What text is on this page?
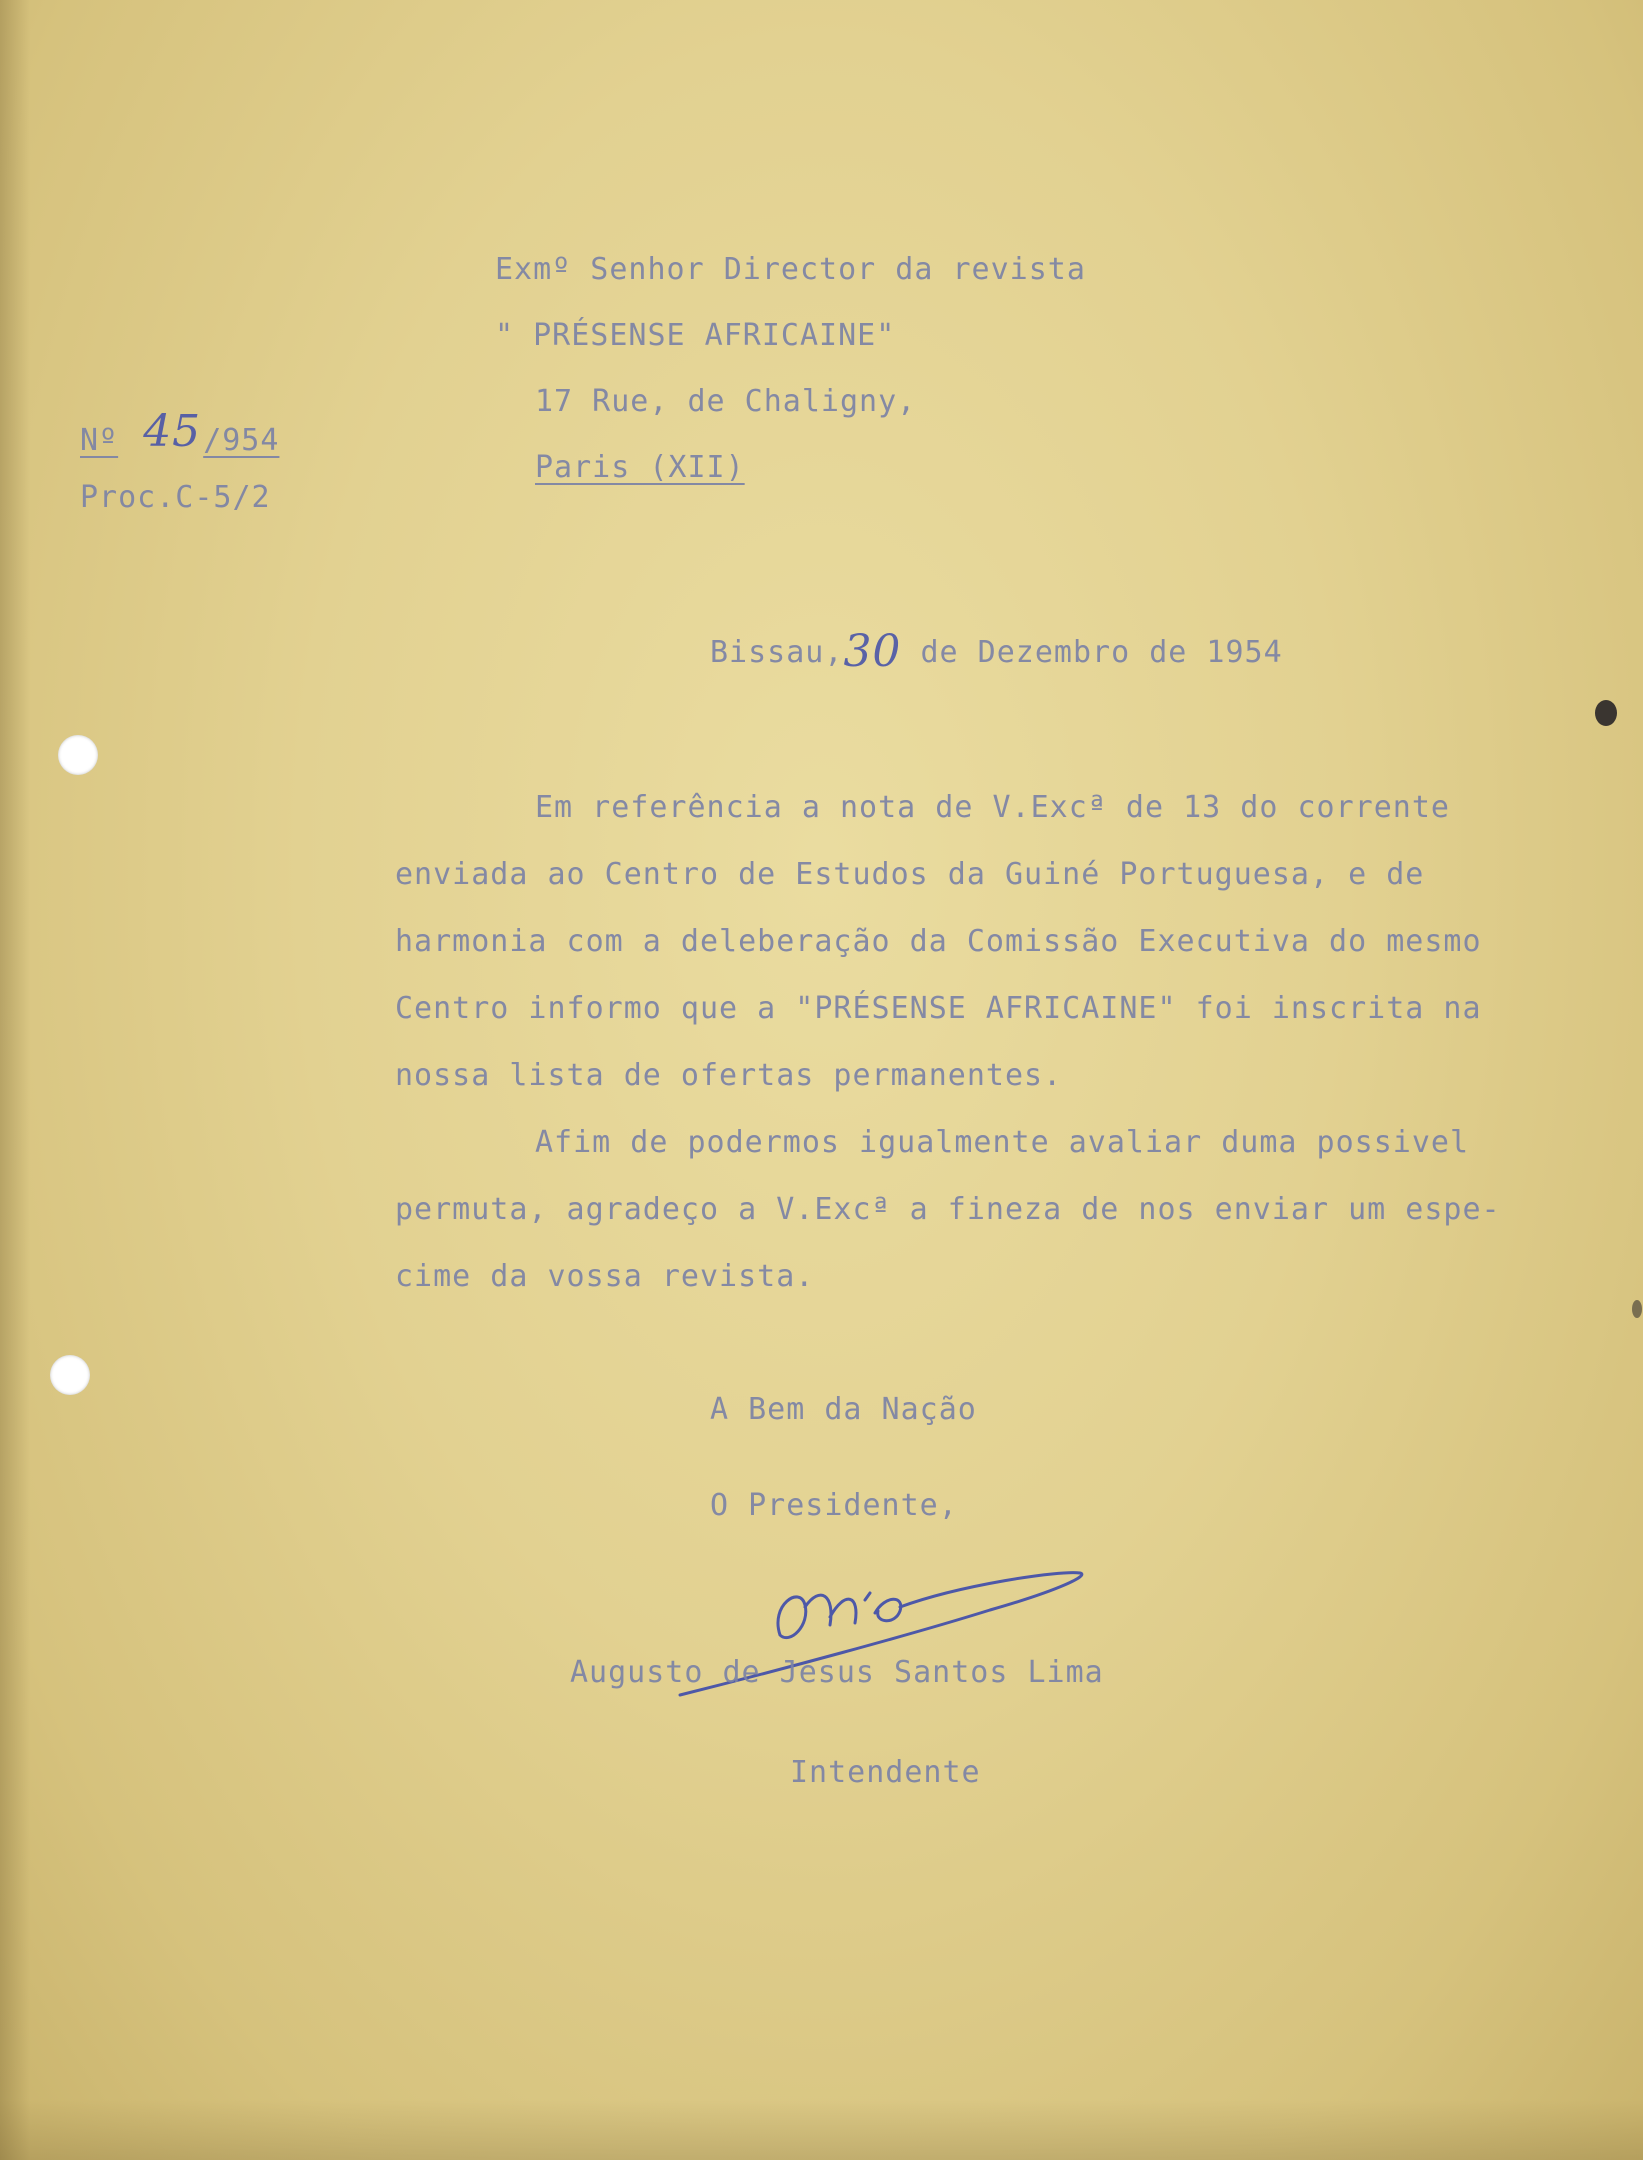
Nº 45/954
Proc.C-5/2
Exmº Senhor Director da revista
" PRÉSENSE AFRICAINE"
17 Rue, de Chaligny,
Paris (XII)
Bissau,30 de Dezembro de 1954
Em referência a nota de V.Excª de 13 do corrente
enviada ao Centro de Estudos da Guiné Portuguesa, e de
harmonia com a deleberação da Comissão Executiva do mesmo
Centro informo que a "PRÉSENSE AFRICAINE" foi inscrita na
nossa lista de ofertas permanentes.
Afim de podermos igualmente avaliar duma possivel
permuta, agradeço a V.Excª a fineza de nos enviar um espe-
cime da vossa revista.
A Bem da Nação
O Presidente,
Augusto de Jesus Santos Lima
Intendente
